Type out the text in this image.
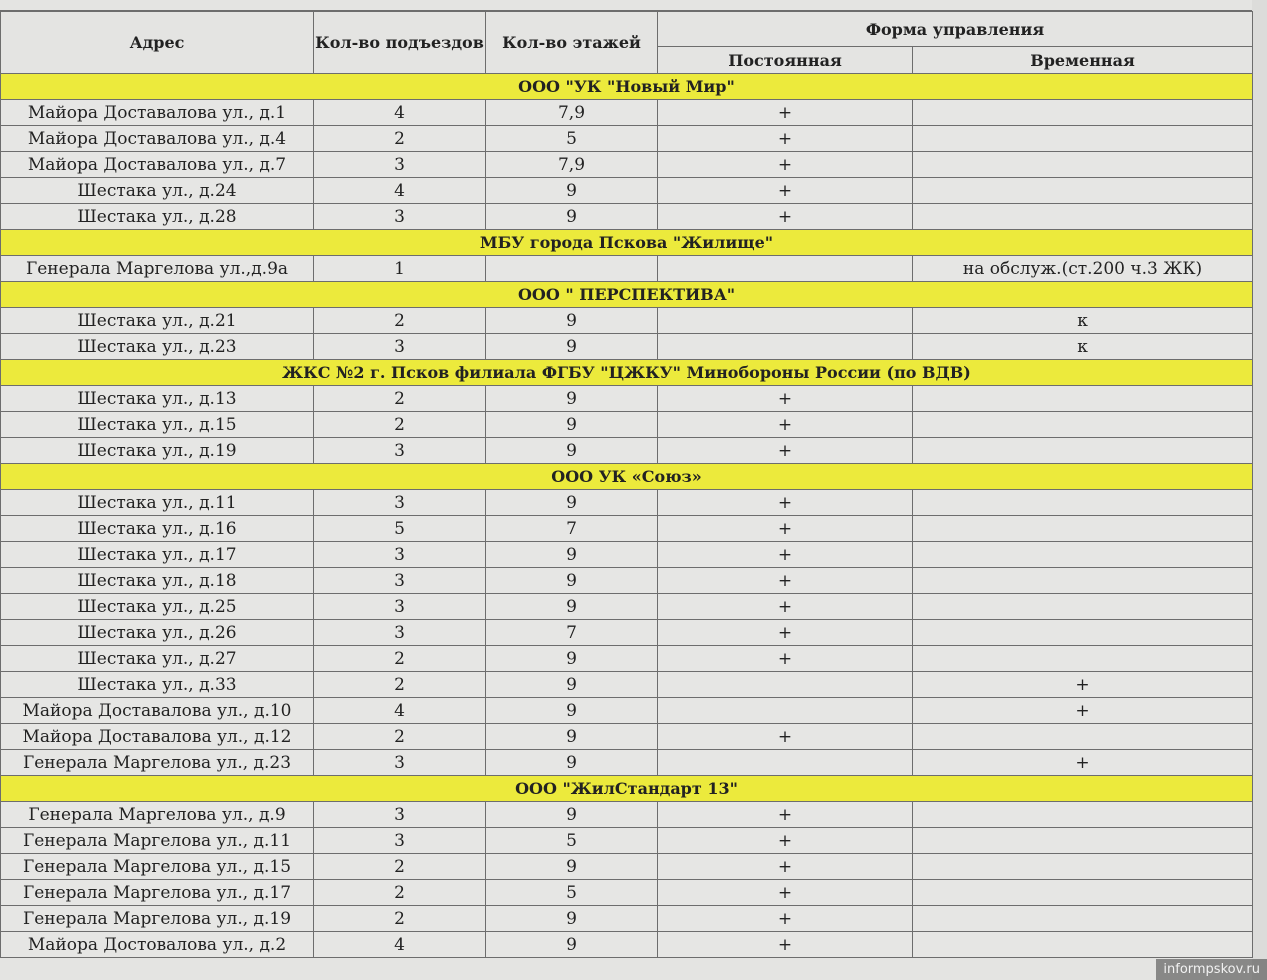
Адрес	Кол-во подъездов	Кол-во этажей	Форма управления	
			Постоянная	Временная
ООО "УК "Новый Мир"				
Майора Доставалова ул., д.1	4	7,9	+	
Майора Доставалова ул., д.4	2	5	+	
Майора Доставалова ул., д.7	3	7,9	+	
Шестака ул., д.24	4	9	+	
Шестака ул., д.28	3	9	+	
МБУ города Пскова "Жилище"				
Генерала Маргелова ул.,д.9а	1			на обслуж.(ст.200 ч.3 ЖК)
ООО " ПЕРСПЕКТИВА"				
Шестака ул., д.21	2	9		к
Шестака ул., д.23	3	9		к
ЖКС №2 г. Псков филиала ФГБУ "ЦЖКУ" Минобороны России (по ВДВ)				
Шестака ул., д.13	2	9	+	
Шестака ул., д.15	2	9	+	
Шестака ул., д.19	3	9	+	
ООО УК «Союз»				
Шестака ул., д.11	3	9	+	
Шестака ул., д.16	5	7	+	
Шестака ул., д.17	3	9	+	
Шестака ул., д.18	3	9	+	
Шестака ул., д.25	3	9	+	
Шестака ул., д.26	3	7	+	
Шестака ул., д.27	2	9	+	
Шестака ул., д.33	2	9		+
Майора Доставалова ул., д.10	4	9		+
Майора Доставалова ул., д.12	2	9	+	
Генерала Маргелова ул., д.23	3	9		+
ООО "ЖилСтандарт 13"				
Генерала Маргелова ул., д.9	3	9	+	
Генерала Маргелова ул., д.11	3	5	+	
Генерала Маргелова ул., д.15	2	9	+	
Генерала Маргелова ул., д.17	2	5	+	
Генерала Маргелова ул., д.19	2	9	+	
Майора Достовалова ул., д.2	4	9	+	
informpskov.ru
